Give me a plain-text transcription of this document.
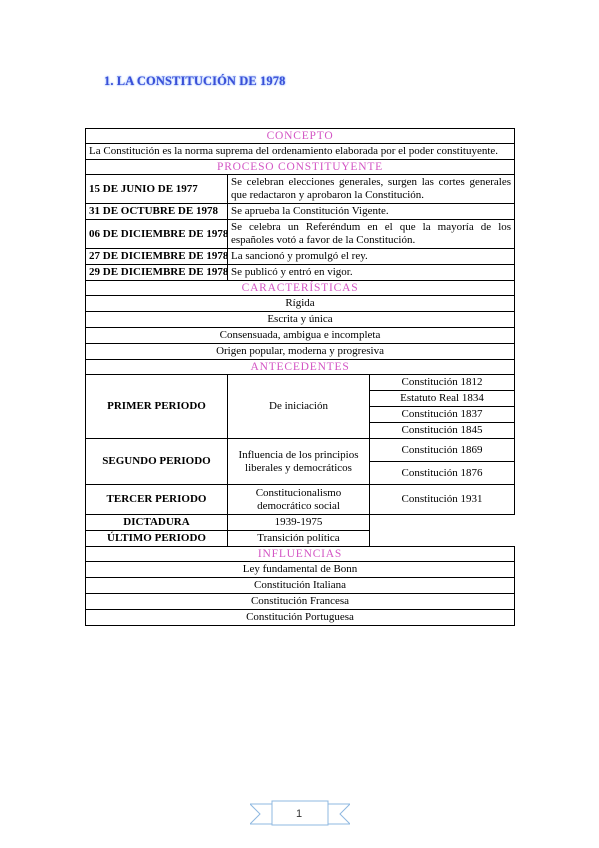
1. LA CONSTITUCIÓN DE 1978
CONCEPTO		
La Constitución es la norma suprema del ordenamiento elaborada por el poder constituyente.		
PROCESO CONSTITUYENTE		
15 DE JUNIO DE 1977	Se celebran elecciones generales, surgen las cortes generales que redactaron y aprobaron la Constitución.	
31 DE OCTUBRE DE 1978	Se aprueba la Constitución Vigente.	
06 DE DICIEMBRE DE 1978	Se celebra un Referéndum en el que la mayoría de los españoles votó a favor de la Constitución.	
27 DE DICIEMBRE DE 1978	La sancionó y promulgó el rey.	
29 DE DICIEMBRE DE 1978	Se publicó y entró en vigor.	
CARACTERÍSTICAS		
Rígida		
Escrita y única		
Consensuada, ambigua e incompleta		
Origen popular, moderna y progresiva		
ANTECEDENTES		
PRIMER PERIODO	De iniciación	Constitución 1812
		Estatuto Real 1834
		Constitución 1837
		Constitución 1845
SEGUNDO PERIODO	Influencia de los principios liberales y democráticos	Constitución 1869
		Constitución 1876
TERCER PERIODO	Constitucionalismo democrático social	Constitución 1931
DICTADURA	1939-1975	
ÚLTIMO PERIODO	Transición política	
INFLUENCIAS		
Ley fundamental de Bonn		
Constitución Italiana		
Constitución Francesa		
Constitución Portuguesa		
1
